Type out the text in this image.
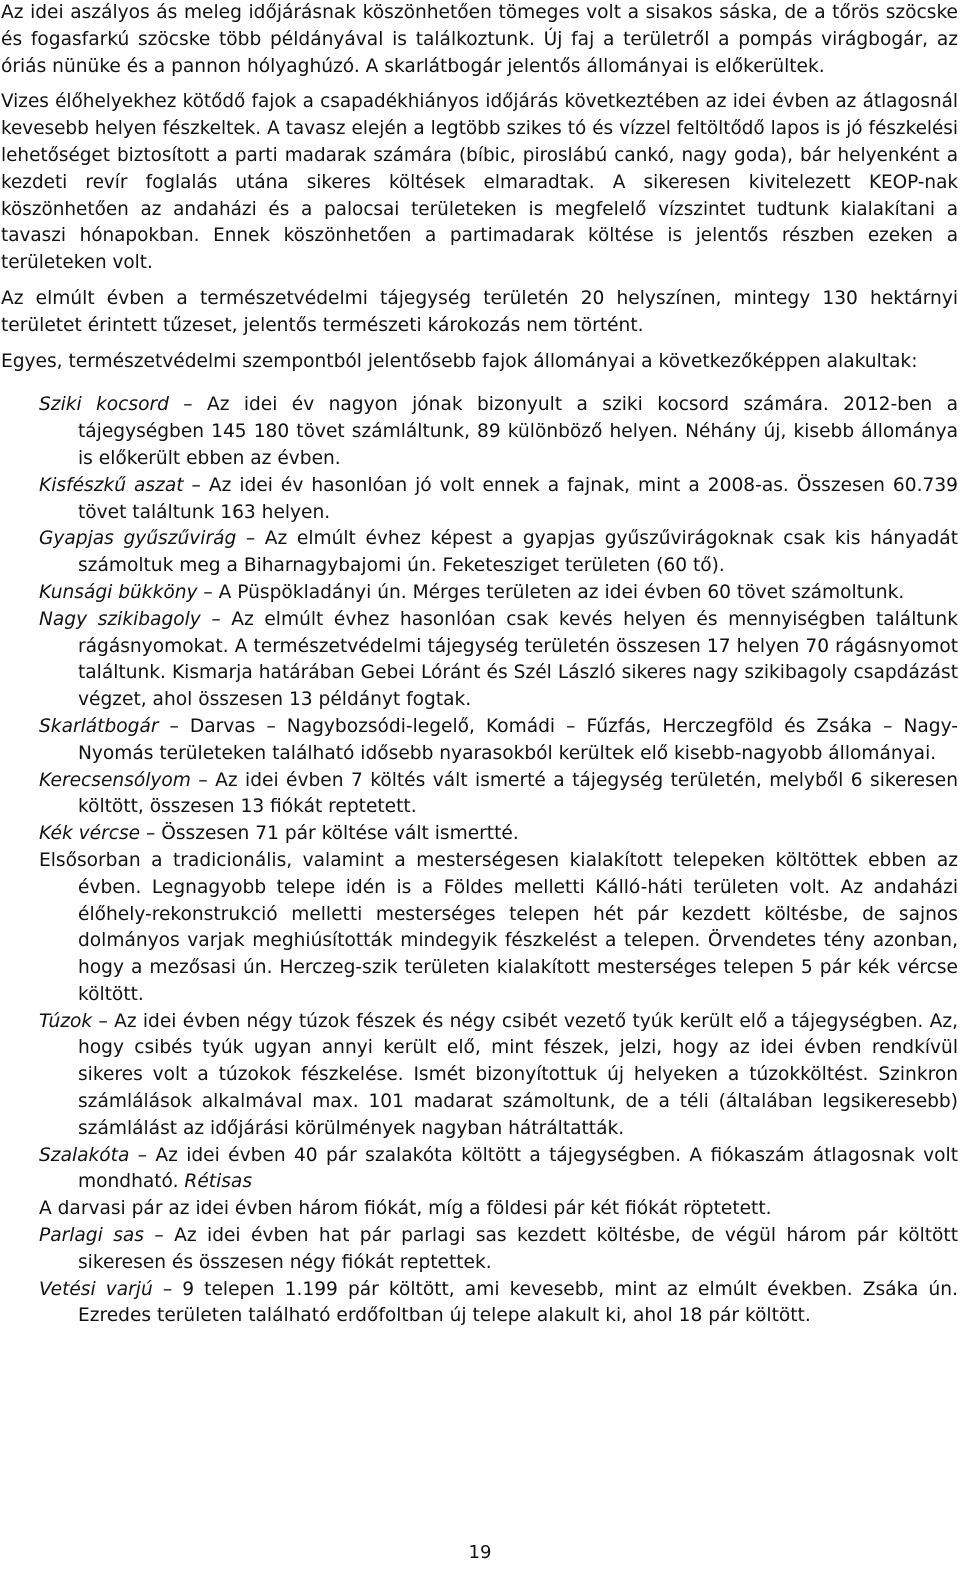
Az idei aszályos ás meleg időjárásnak köszönhetően tömeges volt a sisakos sáska, de a tőrös szöcske és fogasfarkú szöcske több példányával is találkoztunk. Új faj a területről a pompás virágbogár, az óriás nünüke és a pannon hólyaghúzó. A skarlátbogár jelentős állományai is előkerültek.

Vizes élőhelyekhez kötődő fajok a csapadékhiányos időjárás következtében az idei évben az átlagosnál kevesebb helyen fészkeltek. A tavasz elején a legtöbb szikes tó és vízzel feltöltődő lapos is jó fészkelési lehetőséget biztosított a parti madarak számára (bíbic, piroslábú cankó, nagy goda), bár helyenként a kezdeti revír foglalás utána sikeres költések elmaradtak. A sikeresen kivitelezett KEOP-nak köszönhetően az andaházi és a palocsai területeken is megfelelő vízszintet tudtunk kialakítani a tavaszi hónapokban. Ennek köszönhetően a partimadarak költése is jelentős részben ezeken a területeken volt.

Az elmúlt évben a természetvédelmi tájegység területén 20 helyszínen, mintegy 130 hektárnyi területet érintett tűzeset, jelentős természeti károkozás nem történt.

Egyes, természetvédelmi szempontból jelentősebb fajok állományai a következőképpen alakultak:

Sziki kocsord – Az idei év nagyon jónak bizonyult a sziki kocsord számára. 2012-ben a tájegységben 145 180 tövet számláltunk, 89 különböző helyen. Néhány új, kisebb állománya is előkerült ebben az évben.

Kisfészkű aszat – Az idei év hasonlóan jó volt ennek a fajnak, mint a 2008-as. Összesen 60.739 tövet találtunk 163 helyen.

Gyapjas gyűszűvirág – Az elmúlt évhez képest a gyapjas gyűszűvirágoknak csak kis hányadát számoltuk meg a Biharnagybajomi ún. Feketesziget területen (60 tő).

Kunsági bükköny – A Püspökladányi ún. Mérges területen az idei évben 60 tövet számoltunk.

Nagy szikibagoly – Az elmúlt évhez hasonlóan csak kevés helyen és mennyiségben találtunk rágásnyomokat. A természetvédelmi tájegység területén összesen 17 helyen 70 rágásnyomot találtunk. Kismarja határában Gebei Lóránt és Szél László sikeres nagy szikibagoly csapdázást végzet, ahol összesen 13 példányt fogtak.

Skarlátbogár – Darvas – Nagybozsódi-legelő, Komádi – Fűzfás, Herczegföld és Zsáka – Nagy-Nyomás területeken található idősebb nyarasokból kerültek elő kisebb-nagyobb állományai.

Kerecsensólyom – Az idei évben 7 költés vált ismerté a tájegység területén, melyből 6 sikeresen költött, összesen 13 fiókát reptetett.

Kék vércse – Összesen 71 pár költése vált ismertté.

Elsősorban a tradicionális, valamint a mesterségesen kialakított telepeken költöttek ebben az évben. Legnagyobb telepe idén is a Földes melletti Kálló-háti területen volt. Az andaházi élőhely-rekonstrukció melletti mesterséges telepen hét pár kezdett költésbe, de sajnos dolmányos varjak meghiúsították mindegyik fészkelést a telepen. Örvendetes tény azonban, hogy a mezősasi ún. Herczeg-szik területen kialakított mesterséges telepen 5 pár kék vércse költött.

Túzok – Az idei évben négy túzok fészek és négy csibét vezető tyúk került elő a tájegységben. Az, hogy csibés tyúk ugyan annyi került elő, mint fészek, jelzi, hogy az idei évben rendkívül sikeres volt a túzokok fészkelése. Ismét bizonyítottuk új helyeken a túzokköltést. Szinkron számlálások alkalmával max. 101 madarat számoltunk, de a téli (általában legsikeresebb) számlálást az időjárási körülmények nagyban hátráltatták.

Szalakóta – Az idei évben 40 pár szalakóta költött a tájegységben. A fiókaszám átlagosnak volt mondható. Rétisas

A darvasi pár az idei évben három fiókát, míg a földesi pár két fiókát röptetett.

Parlagi sas – Az idei évben hat pár parlagi sas kezdett költésbe, de végül három pár költött sikeresen és összesen négy fiókát reptettek.

Vetési varjú – 9 telepen 1.199 pár költött, ami kevesebb, mint az elmúlt években. Zsáka ún. Ezredes területen található erdőfoltban új telepe alakult ki, ahol 18 pár költött.

19
